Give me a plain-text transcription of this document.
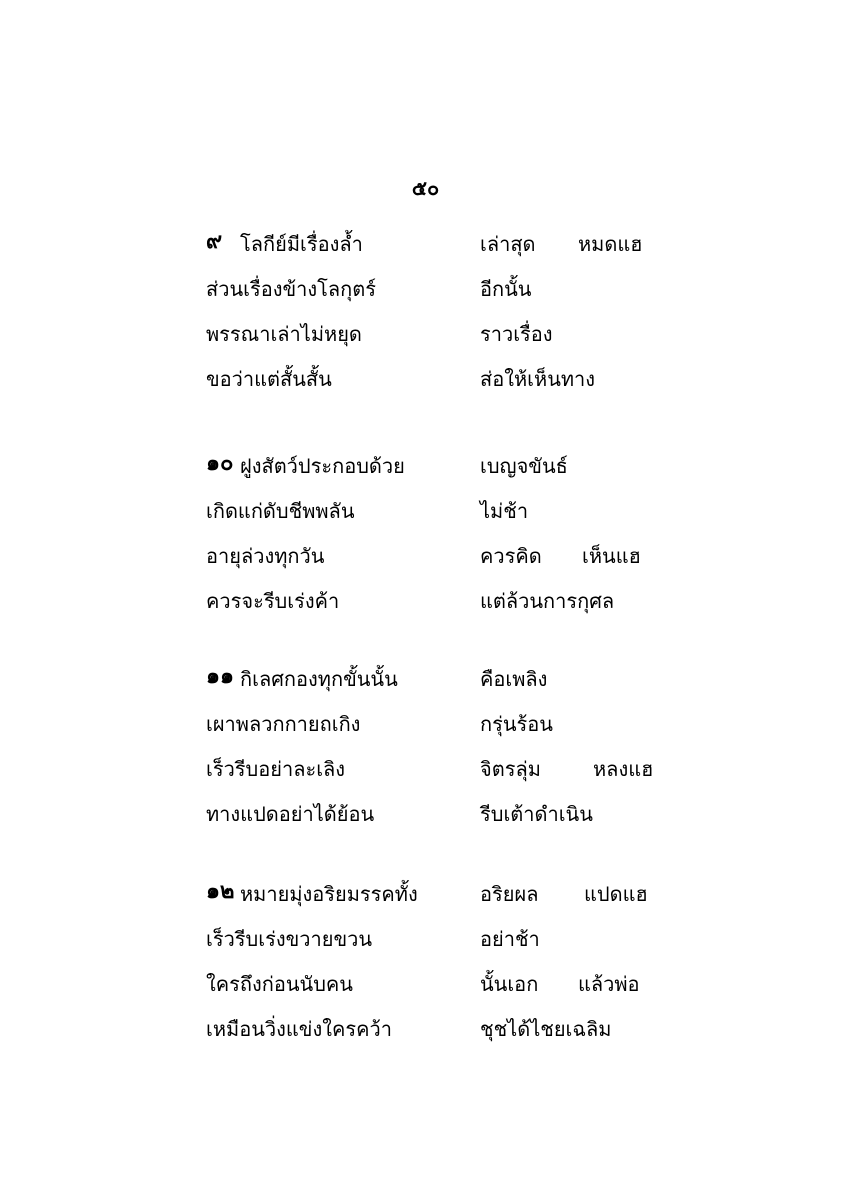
๕๐
๙ โลกีย์มีเรื่องล้ำ	เล่าสุด หมดแฮ
ส่วนเรื่องข้างโลกุตร์	อีกนั้น
พรรณาเล่าไม่หยุด	ราวเรื่อง
ขอว่าแต่สั้นสั้น	ส่อให้เห็นทาง
๑๐ ฝูงสัตว์ประกอบด้วย	เบญจขันธ์
เกิดแก่ดับชีพพลัน	ไม่ช้า
อายุล่วงทุกวัน	ควรคิด เห็นแฮ
ควรจะรีบเร่งค้า	แต่ล้วนการกุศล
๑๑ กิเลศกองทุกขั้นนั้น	คือเพลิง
เผาพลวกกายถเกิง	กรุ่นร้อน
เร็วรีบอย่าละเลิง	จิตรลุ่ม	หลงแฮ
ทางแปดอย่าได้ย้อน	รีบเต้าดำเนิน
๑๒ หมายมุ่งอริยมรรคทั้ง	อริยผล แปดแฮ
เร็วรีบเร่งขวายขวน	อย่าช้า
ใครถึงก่อนนับคน	นั้นเอก แล้วพ่อ
เหมือนวิ่งแข่งใครคว้า	ชุชได้ไชยเฉลิม
